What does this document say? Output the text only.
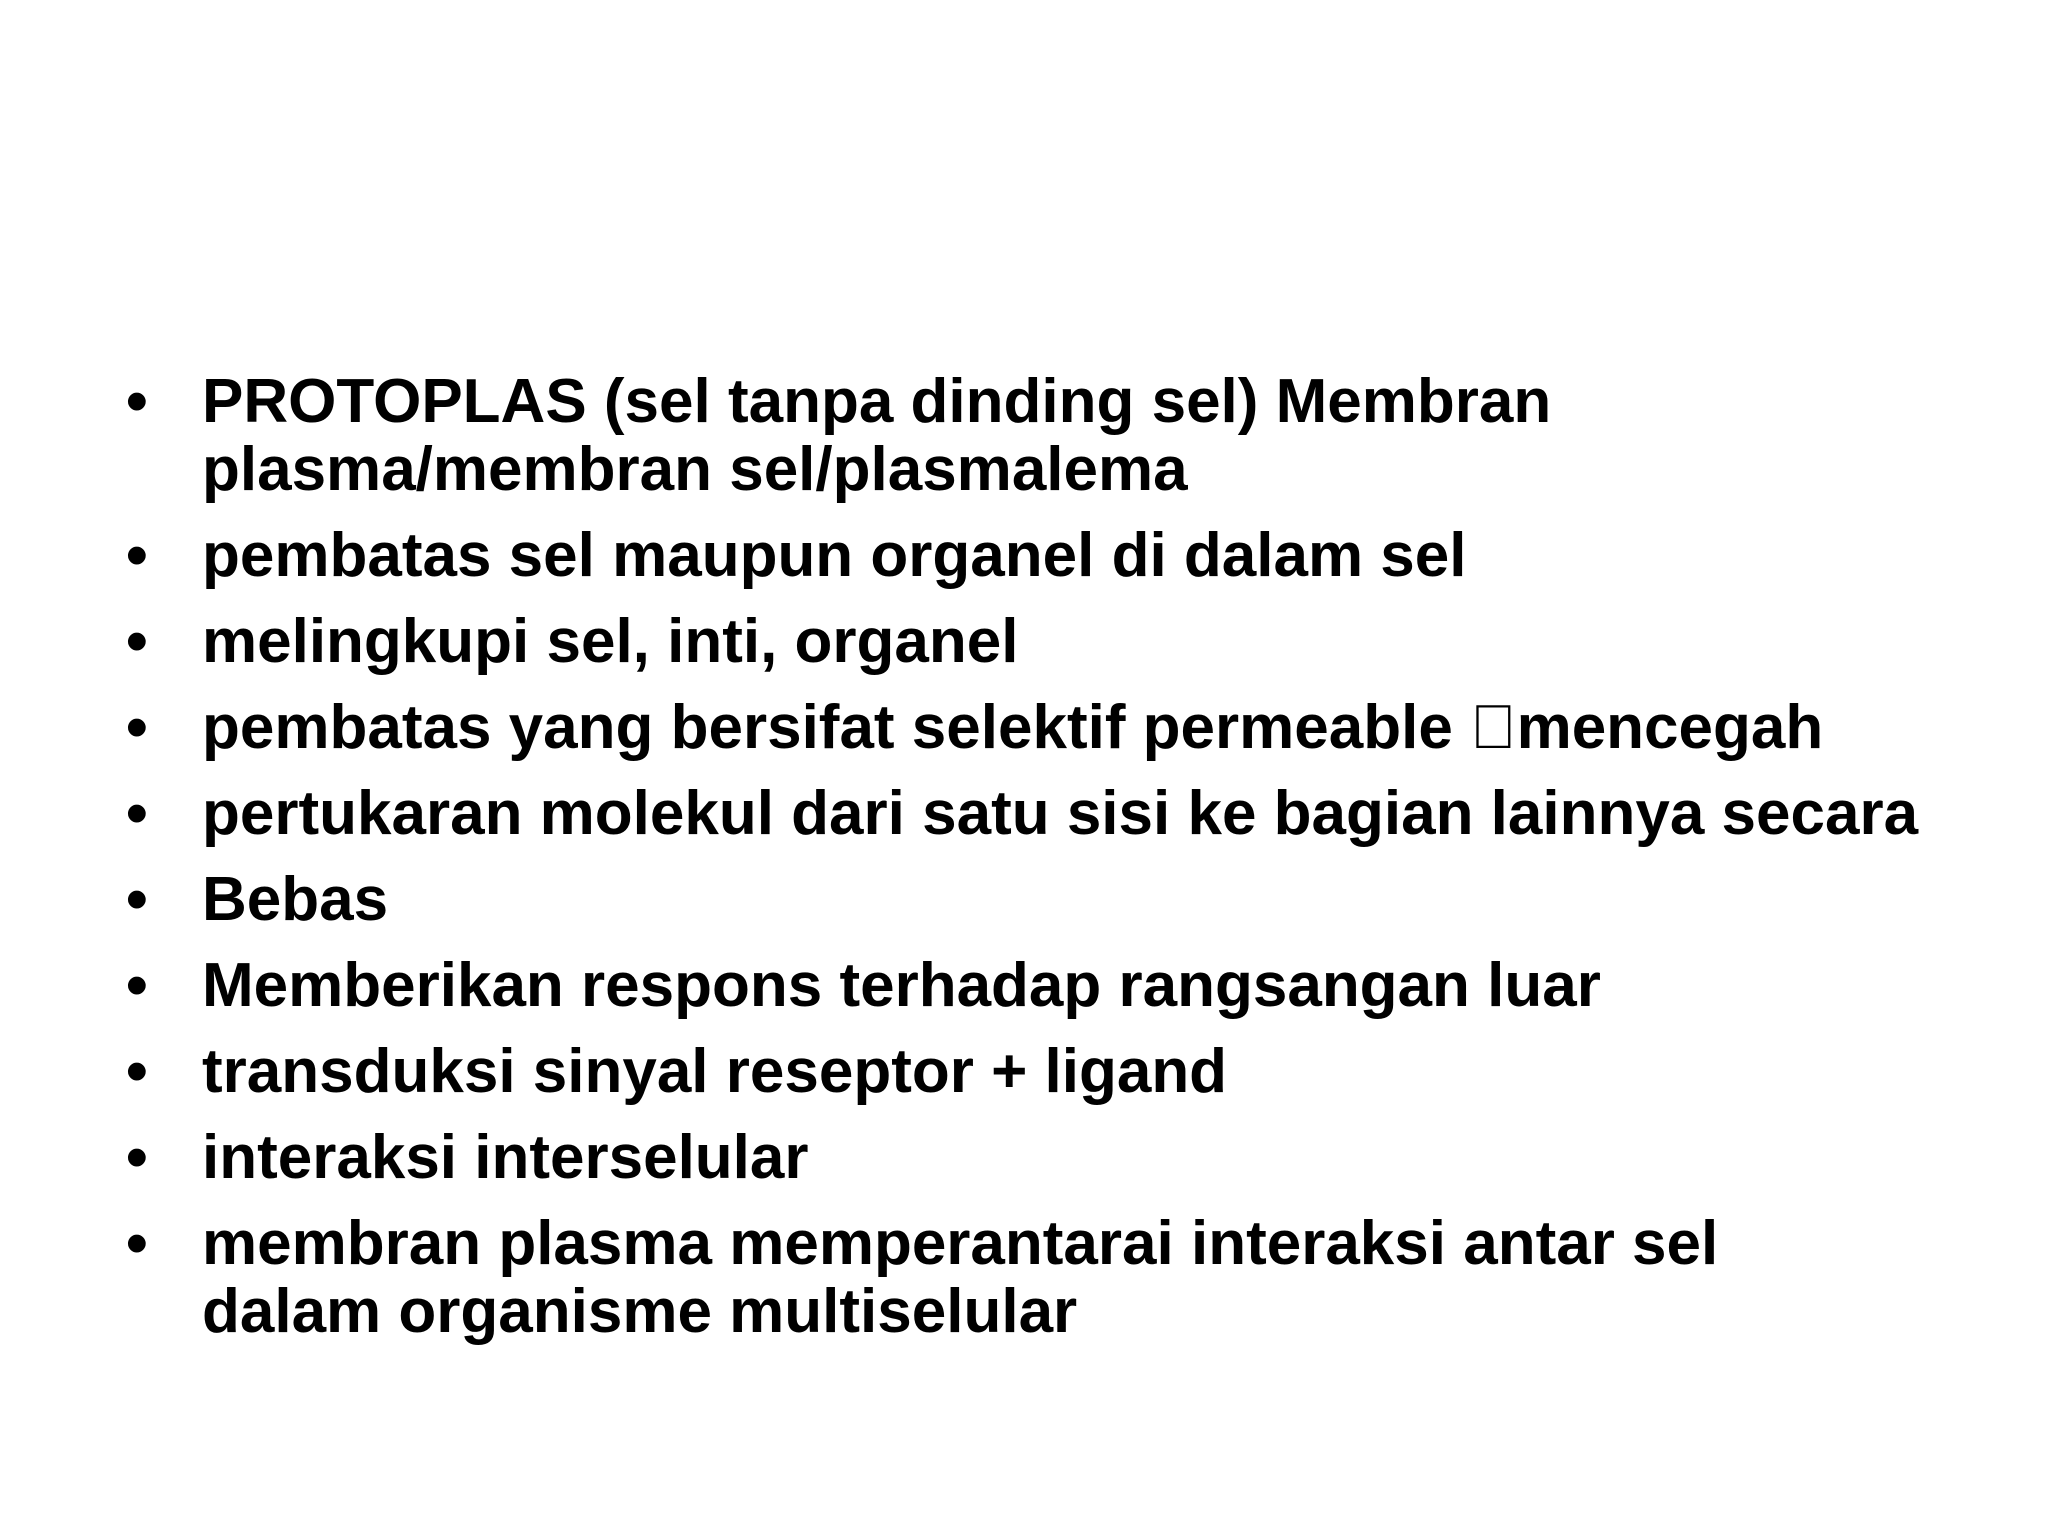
• PROTOPLAS (sel tanpa dinding sel) Membran
plasma/membran sel/plasmalema
• pembatas sel maupun organel di dalam sel
• melingkupi sel, inti, organel
• pembatas yang bersifat selektif permeable  mencegah
• pertukaran molekul dari satu sisi ke bagian lainnya secara
• Bebas
• Memberikan respons terhadap rangsangan luar
• transduksi sinyal reseptor + ligand
• interaksi interselular
• membran plasma memperantarai interaksi antar sel
dalam organisme multiselular
